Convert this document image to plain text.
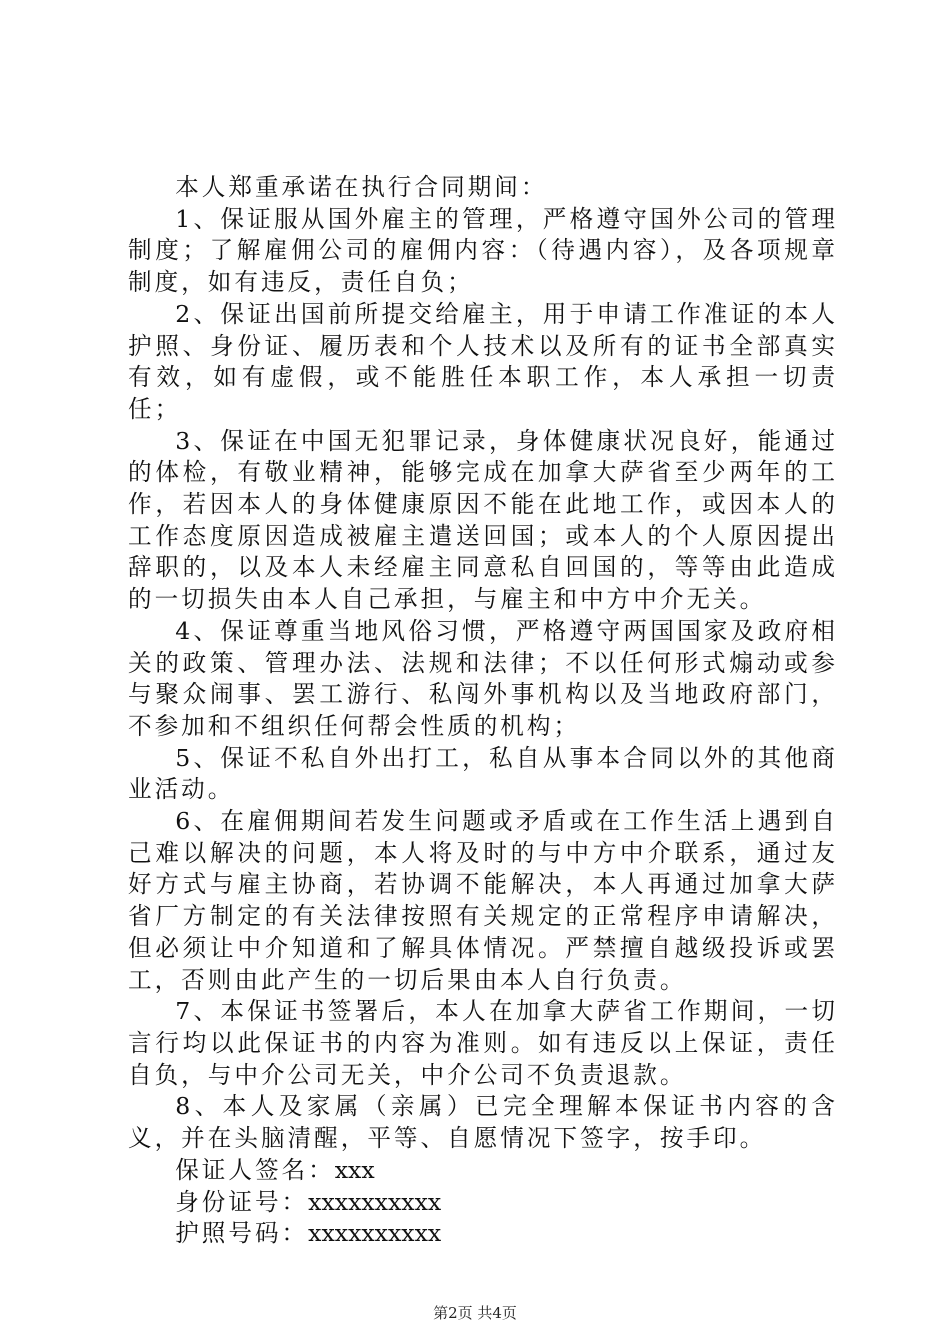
本人郑重承诺在执行合同期间：

1、保证服从国外雇主的管理，严格遵守国外公司的管理制度；了解雇佣公司的雇佣内容：（待遇内容），及各项规章制度，如有违反，责任自负；

2、保证出国前所提交给雇主，用于申请工作准证的本人护照、身份证、履历表和个人技术以及所有的证书全部真实有效，如有虚假，或不能胜任本职工作，本人承担一切责任；

3、保证在中国无犯罪记录，身体健康状况良好，能通过的体检，有敬业精神，能够完成在加拿大萨省至少两年的工作，若因本人的身体健康原因不能在此地工作，或因本人的工作态度原因造成被雇主遣送回国；或本人的个人原因提出辞职的，以及本人未经雇主同意私自回国的，等等由此造成的一切损失由本人自己承担，与雇主和中方中介无关。

4、保证尊重当地风俗习惯，严格遵守两国国家及政府相关的政策、管理办法、法规和法律；不以任何形式煽动或参与聚众闹事、罢工游行、私闯外事机构以及当地政府部门，不参加和不组织任何帮会性质的机构；

5、保证不私自外出打工，私自从事本合同以外的其他商业活动。

6、在雇佣期间若发生问题或矛盾或在工作生活上遇到自己难以解决的问题，本人将及时的与中方中介联系，通过友好方式与雇主协商，若协调不能解决，本人再通过加拿大萨省厂方制定的有关法律按照有关规定的正常程序申请解决，但必须让中介知道和了解具体情况。严禁擅自越级投诉或罢工，否则由此产生的一切后果由本人自行负责。

7、本保证书签署后，本人在加拿大萨省工作期间，一切言行均以此保证书的内容为准则。如有违反以上保证，责任自负，与中介公司无关，中介公司不负责退款。

8、本人及家属（亲属）已完全理解本保证书内容的含义，并在头脑清醒，平等、自愿情况下签字，按手印。

保证人签名：xxx

身份证号：xxxxxxxxxx

护照号码：xxxxxxxxxx

第2页 共4页
